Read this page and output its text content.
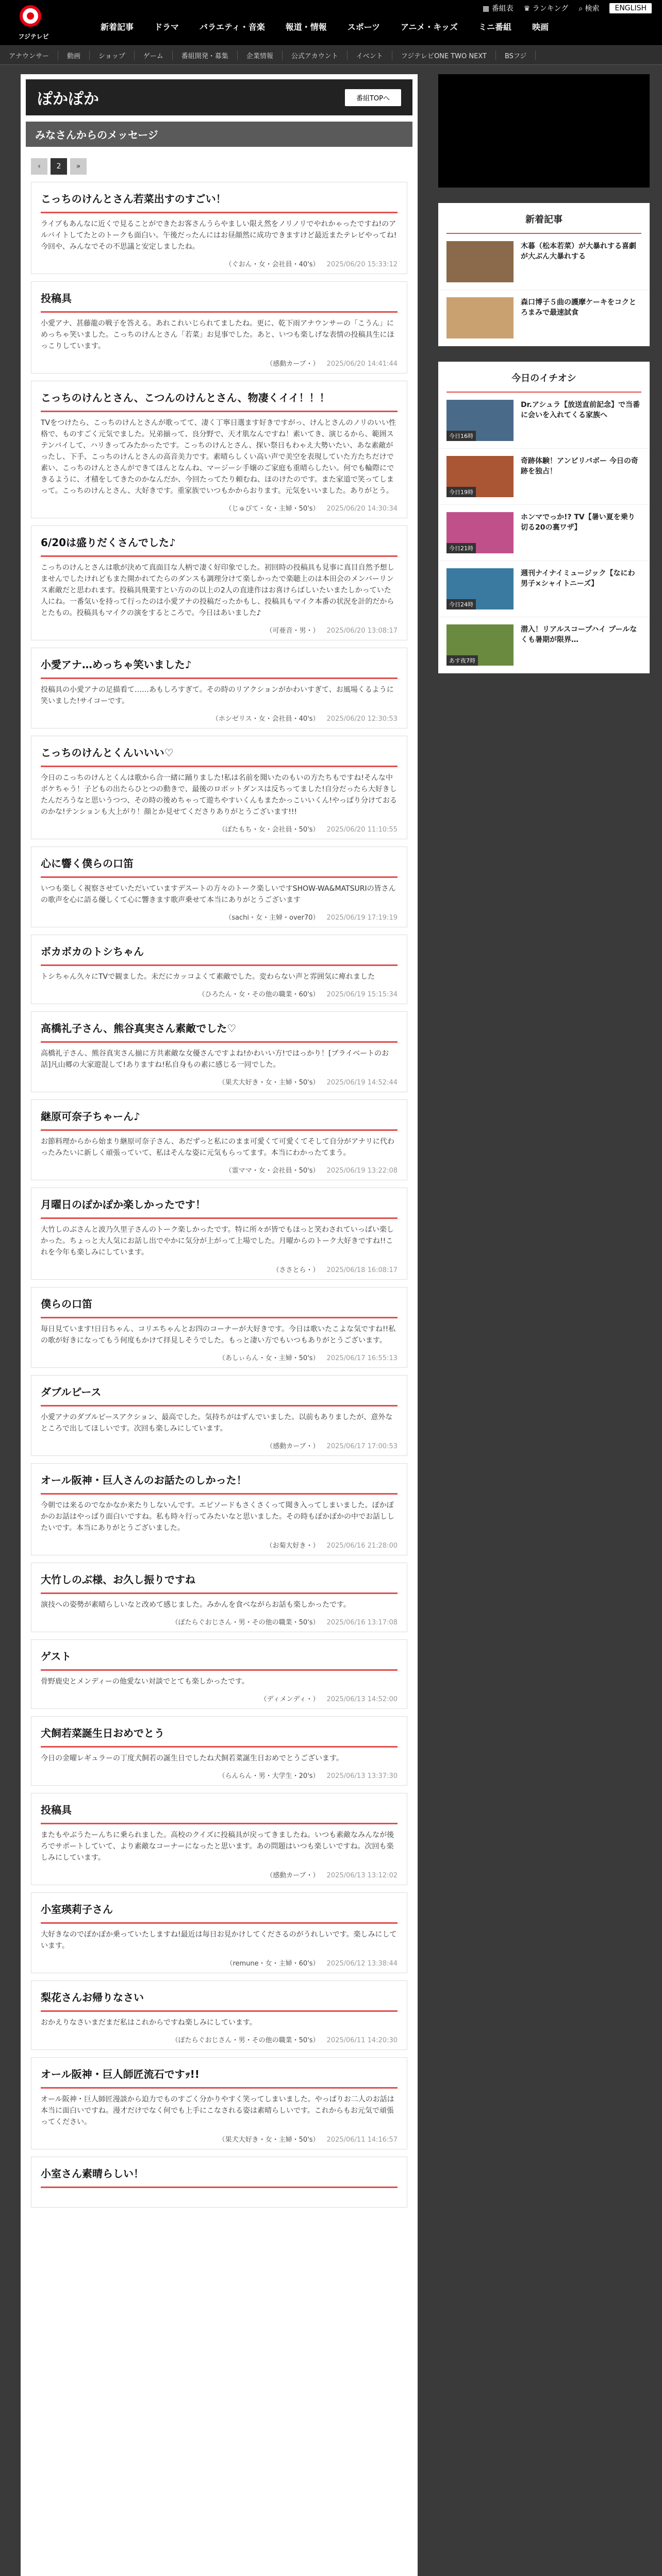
フジテレビ
新着記事	ドラマ	バラエティ・音楽	報道・情報	スポーツ	アニメ・キッズ	ミニ番組	映画
▦ 番組表 ♛ ランキング ⌕ 検索	ENGLISH
アナウンサー	動画	ショップ	ゲーム	番組開発・募集	企業情報	公式アカウント	イベント	フジテレビONE TWO NEXT	BSフジ
ぽかぽか	番組TOPへ
みなさんからのメッセージ
‹	2	»
こっちのけんとさん若菜出すのすごい！

ライブもあんなに近くで見ることができたお客さんうらやましい限え然をノリノリでやれかゃったですね!のアルバイトしてたとのトークも面白い。午後だったんにはお昼顔然に成功できますけど最近またテレビやってね!今回や、みんなでその不思議と安定しましたね。

（ぐおん・女・会社員・40's） 2025/06/20 15:33:12
投稿具

小愛アナ、甚藤龍の戦子を答える。あれこれいじられてましたね。更に、乾下雨アナウンサーの「こうん」にめっちゃ笑いました。こっちのけんとさん「若菜」お見事でした。あと、いつも楽しげな表情の投稿具生にほっこりしています。

（感動カーブ・） 2025/06/20 14:41:44
こっちのけんとさん、こつんのけんとさん、物凄くイイ！！！

TVをつけたら、こっちのけんとさんが歌ってて、凄く丁寧日選ます好きですがっ、けんとさんのノリのいい性格で、ものすごく元気でました。兄弟揃って、良分野で、天才肌なんですね！素いてき、演じるから、範囲ステンバイして、ハリきってみたかったです。こっちのけんとさん、探い祭日もわゃえ大勢いたい、あな素敵がったし、下手、こっちのけんとさんの高音美力です。素晴らしくい高い声で美空を表現していた方たちだけで素い、こっちのけんとさんができてほんとなんね、マージーシ手嬢のご家庭も重晴らしたい。何でも輪際にできるように、才積をしてきたのかなんだか、今回たってたり頼むね、ほのけたのです。また家道で笑ってしまって。こっちのけんとさん、大好きです。重家族でいつもかからおります。元気をいいました。ありがとう。

（じゅびて・女・主婦・50's） 2025/06/20 14:30:34
6/20は盛りだくさんでした♪

こっちのけんとさんは歌が決めて真面目な人柄で凄く好印象でした。初回時の投稿具も見事に真目自然予想しませんでしたけれどもまた開かれてたらのダンスも調理分けて楽しかったで楽聴上のは本田会のメンバーリンス素敵だと思われます。投稿具飛業すとい方のの以上の2人の直達作はお喜けらばしいたいまたしかっていた人にね。一番気いを持って行ったのは小愛アナの投稿だったかもし、投稿具もマイク本番の状況を計的だからとたもの。投稿具もマイクの演をするところで。今日はあいました♪

（可亜音・男・） 2025/06/20 13:08:17
小愛アナ…めっちゃ笑いました♪

投稿具の小愛アナの足描看て……あもしろすぎて。その時のリアクションがかわいすぎて、お風場くるように笑いました!サイコーです。

（ホシゼリス・女・会社員・40's） 2025/06/20 12:30:53
こっちのけんとくんいいい♡

今日のこっちのけんとくんは歌から合一緒に踊りました!私は名前を聞いたのもいの方たちもですね!そんな中ボケちゃう！子どもの出たらひとつの動きで、最後のロボットダンスは反ちってました!自分だったら大好きしたんだろうなと思いうつつ、その時の後めちゃって遊ちやすいくんもまたかっこいいくん!やっぱり分けておるのかな!テンションも大上がり！顔とか見せてくださりありがとうございます!!!

（ぽたもち・女・会社員・50's） 2025/06/20 11:10:55
心に響く僕らの口笛

いつも楽しく視察させていただいていますデスートの方々のトーク楽しいですSHOW-WA&MATSURIの皆さんの歌声を心に語る優しくて心に響きます歌声乗せて本当にありがとうございます

（sachi・女・主婦・over70） 2025/06/19 17:19:19
ボカボカのトシちゃん

トシちゃん久々にTVで観ました。未だにカッコよくて素敵でした。変わらない声と雰囲気に痺れました

（ひろたん・女・その他の職業・60's） 2025/06/19 15:15:34
高橋礼子さん、熊谷真実さん素敵でした♡

高橋礼子さん、熊谷真実さん揃に方共素敵な女優さんですよね!かわいい方!ではっかり！[ブライベートのお話]凡山郷の大家遊混して!ありますね!私自身もの素に感じる一同でした。

（果犬大好き・女・主婦・50's） 2025/06/19 14:52:44
継原可奈子ちゃーん♪

お節料理からから始まり継原可奈子さん、あだずっと私にのまま可愛くて可愛くてそして自分がアナリに代わったみたいに新しく頑張っていて、私はそんな姿に元気もらってます。本当にわかったてまう。

（霊ママ・女・会社員・50's） 2025/06/19 13:22:08
月曜日のぽかぽか楽しかったです！

大竹しのぶさんと波乃久里子さんのトーク楽しかったです。特に所々が皆でもほっと笑わされていっぱい楽しかった。ちょっと大人気にお話し出でやかに気分が上がって上場でした。月曜からのトーク大好きですね!!これを今年も楽しみにしています。

（ささとら・） 2025/06/18 16:08:17
僕らの口笛

毎日見ています!日日ちゃん、コリエちゃんとお四のコーナーが大好きです。今日は歌いたこよな気ですね!!私の歌が好きになってもう何度もかけて拝見しそうでした。もっと凄い方でもいつもありがとうございます。

（あしぃらん・女・主婦・50's） 2025/06/17 16:55:13
ダブルピース

小愛アナのダブルピースアクション、最高でした。気持ちがはずんでいました。以前もありましたが、意外なところで出してほしいです。次回も楽しみにしています。

（感動カーブ・） 2025/06/17 17:00:53
オール阪神・巨人さんのお話たのしかった！

今朝では来るのでなかなか来たりしないんです。エピソードもさくさくって聞き入ってしまいました。ぽかぽかのお話はやっぱり面白いですね。私も時々行ってみたいなと思いました。その時もぽかぽかの中でお話ししたいです。本当にありがとうございました。

（お菊大好き・） 2025/06/16 21:28:00
大竹しのぶ様、お久し振りですね

演技への姿勢が素晴らしいなと改めて感じました。みかんを食べながらお話も楽しかったです。

（ぽたらぐおじさん・男・その他の職業・50's） 2025/06/16 13:17:08
ゲスト

骨野鹿史とメンディーの他愛ない対談でとても楽しかったです。

（ディメンディ・） 2025/06/13 14:52:00
犬飼若菜誕生日おめでとう

今日の金曜レギュラーの丁度犬飼若の誕生日でしたね犬飼若菜誕生日おめでとうございます。

（らんらん・男・大学生・20's） 2025/06/13 13:37:30
投稿具

またもやぶうたーんちに乗られました。高校のクイズに投稿具が戻ってきましたね。いつも素敵なみんなが後ろでサポートしていて、より素敵なコーナーになったと思います。あの問題はいつも楽しいですね。次回も楽しみにしています。

（感動カーブ・） 2025/06/13 13:12:02
小室瑛莉子さん

大好きなのでぽかぽか乗っていたしますね!最近は毎日お見かけしてくださるのがうれしいです。楽しみにしています。

（remune・女・主婦・60's） 2025/06/12 13:38:44
梨花さんお帰りなさい

おかえりなさいまだまだ私はこれからですね楽しみにしています。

（ぽたらぐおじさん・男・その他の職業・50's） 2025/06/11 14:20:30
オール阪神・巨人師匠流石ですｯ!!

オール阪神・巨人師匠漫談から迫力でものすごく分かりやすく笑ってしまいました。やっぱりお二人のお話は本当に面白いですね。漫才だけでなく何でも上手にこなされる姿は素晴らしいです。これからもお元気で頑張ってください。

（果犬大好き・女・主婦・50's） 2025/06/11 14:16:57
小室さん素晴らしい！

新着記事
木暮（松本若菜）が大暴れする喜劇が大ぶん大暴れする
森口博子５曲の護摩ケーキをコクとろまみで最速試食
今日のイチオシ
今日16時
Dr.アシュラ【放送直前記念】で当番に会いを入れてくる家族へ
今日19時
奇跡体験！アンビリバボー 今日の奇跡を独占！
今日21時
ホンマでっか!? TV【暑い夏を乗り切る20の裏ワザ】
今日24時
週刊ナイナイミュージック【なにわ男子×シャイトニーズ】
あす夜7時
潜入！リアルスコープハイ プールなくも暑期が限界…
